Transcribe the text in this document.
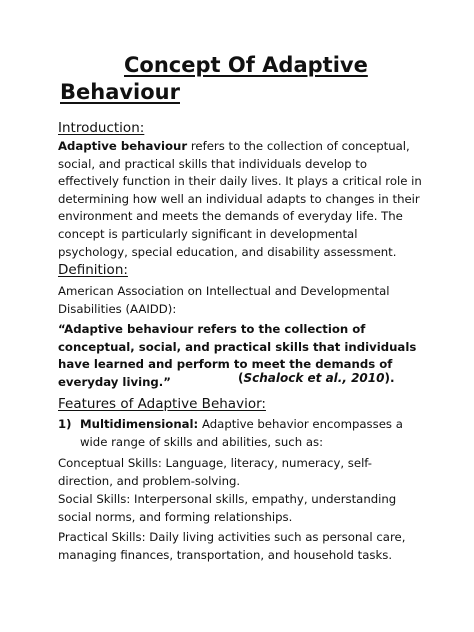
Concept Of Adaptive
Behaviour
Introduction:
Adaptive behaviour refers to the collection of conceptual, social, and practical skills that individuals develop to effectively function in their daily lives. It plays a critical role in determining how well an individual adapts to changes in their environment and meets the demands of everyday life. The concept is particularly significant in developmental psychology, special education, and disability assessment.
Definition:
American Association on Intellectual and Developmental Disabilities (AAIDD):
“Adaptive behaviour refers to the collection of    conceptual, social, and practical skills that individuals have learned and perform to meet the demands of everyday living.”	(Schalock et al., 2010).
Features of Adaptive Behavior:
1) Multidimensional: Adaptive behavior encompasses a wide range of skills and abilities, such as:
Conceptual Skills: Language, literacy, numeracy, self-direction, and problem-solving.
Social Skills: Interpersonal skills, empathy, understanding social norms, and forming relationships.
Practical Skills: Daily living activities such as personal care, managing finances, transportation, and household tasks.
